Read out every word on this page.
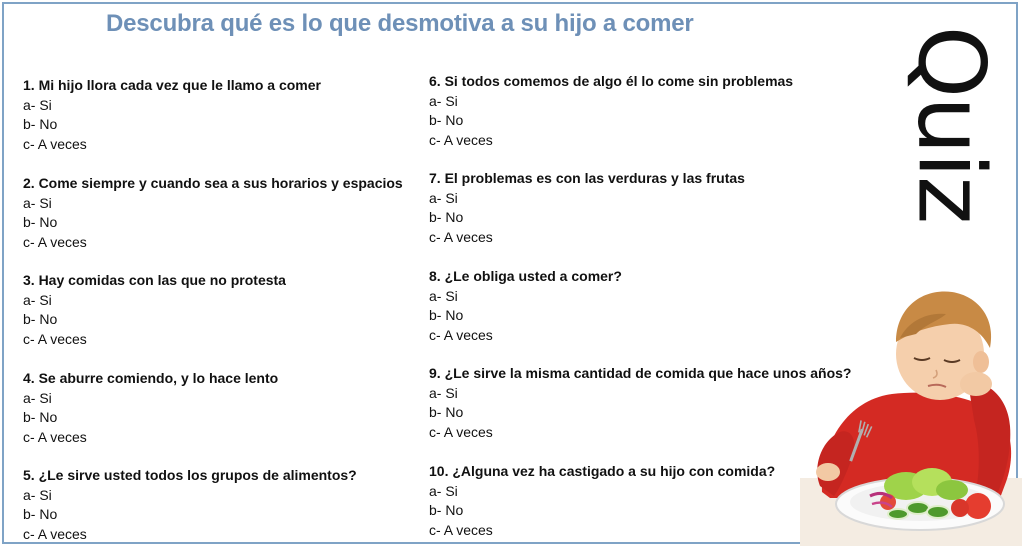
Descubra qué es lo que desmotiva a su hijo a comer
Quiz
1. Mi hijo llora cada vez que le llamo a comer
a- Si
b- No
c- A veces
2. Come siempre y cuando sea a sus horarios y espacios
a- Si
b- No
c- A veces
3. Hay comidas con las que no protesta
a- Si
b- No
c- A veces
4. Se aburre comiendo, y lo hace lento
a- Si
b- No
c- A veces
5. ¿Le sirve usted todos los grupos de alimentos?
a- Si
b- No
c- A veces
6. Si todos comemos de algo él lo come sin problemas
a- Si
b- No
c- A veces
7. El problemas es con las verduras y las frutas
a- Si
b- No
c- A veces
8. ¿Le obliga usted a comer?
a- Si
b- No
c- A veces
9. ¿Le sirve la misma cantidad de comida que hace unos años?
a- Si
b- No
c- A veces
10. ¿Alguna vez ha castigado a su hijo con comida?
a- Si
b- No
c- A veces
